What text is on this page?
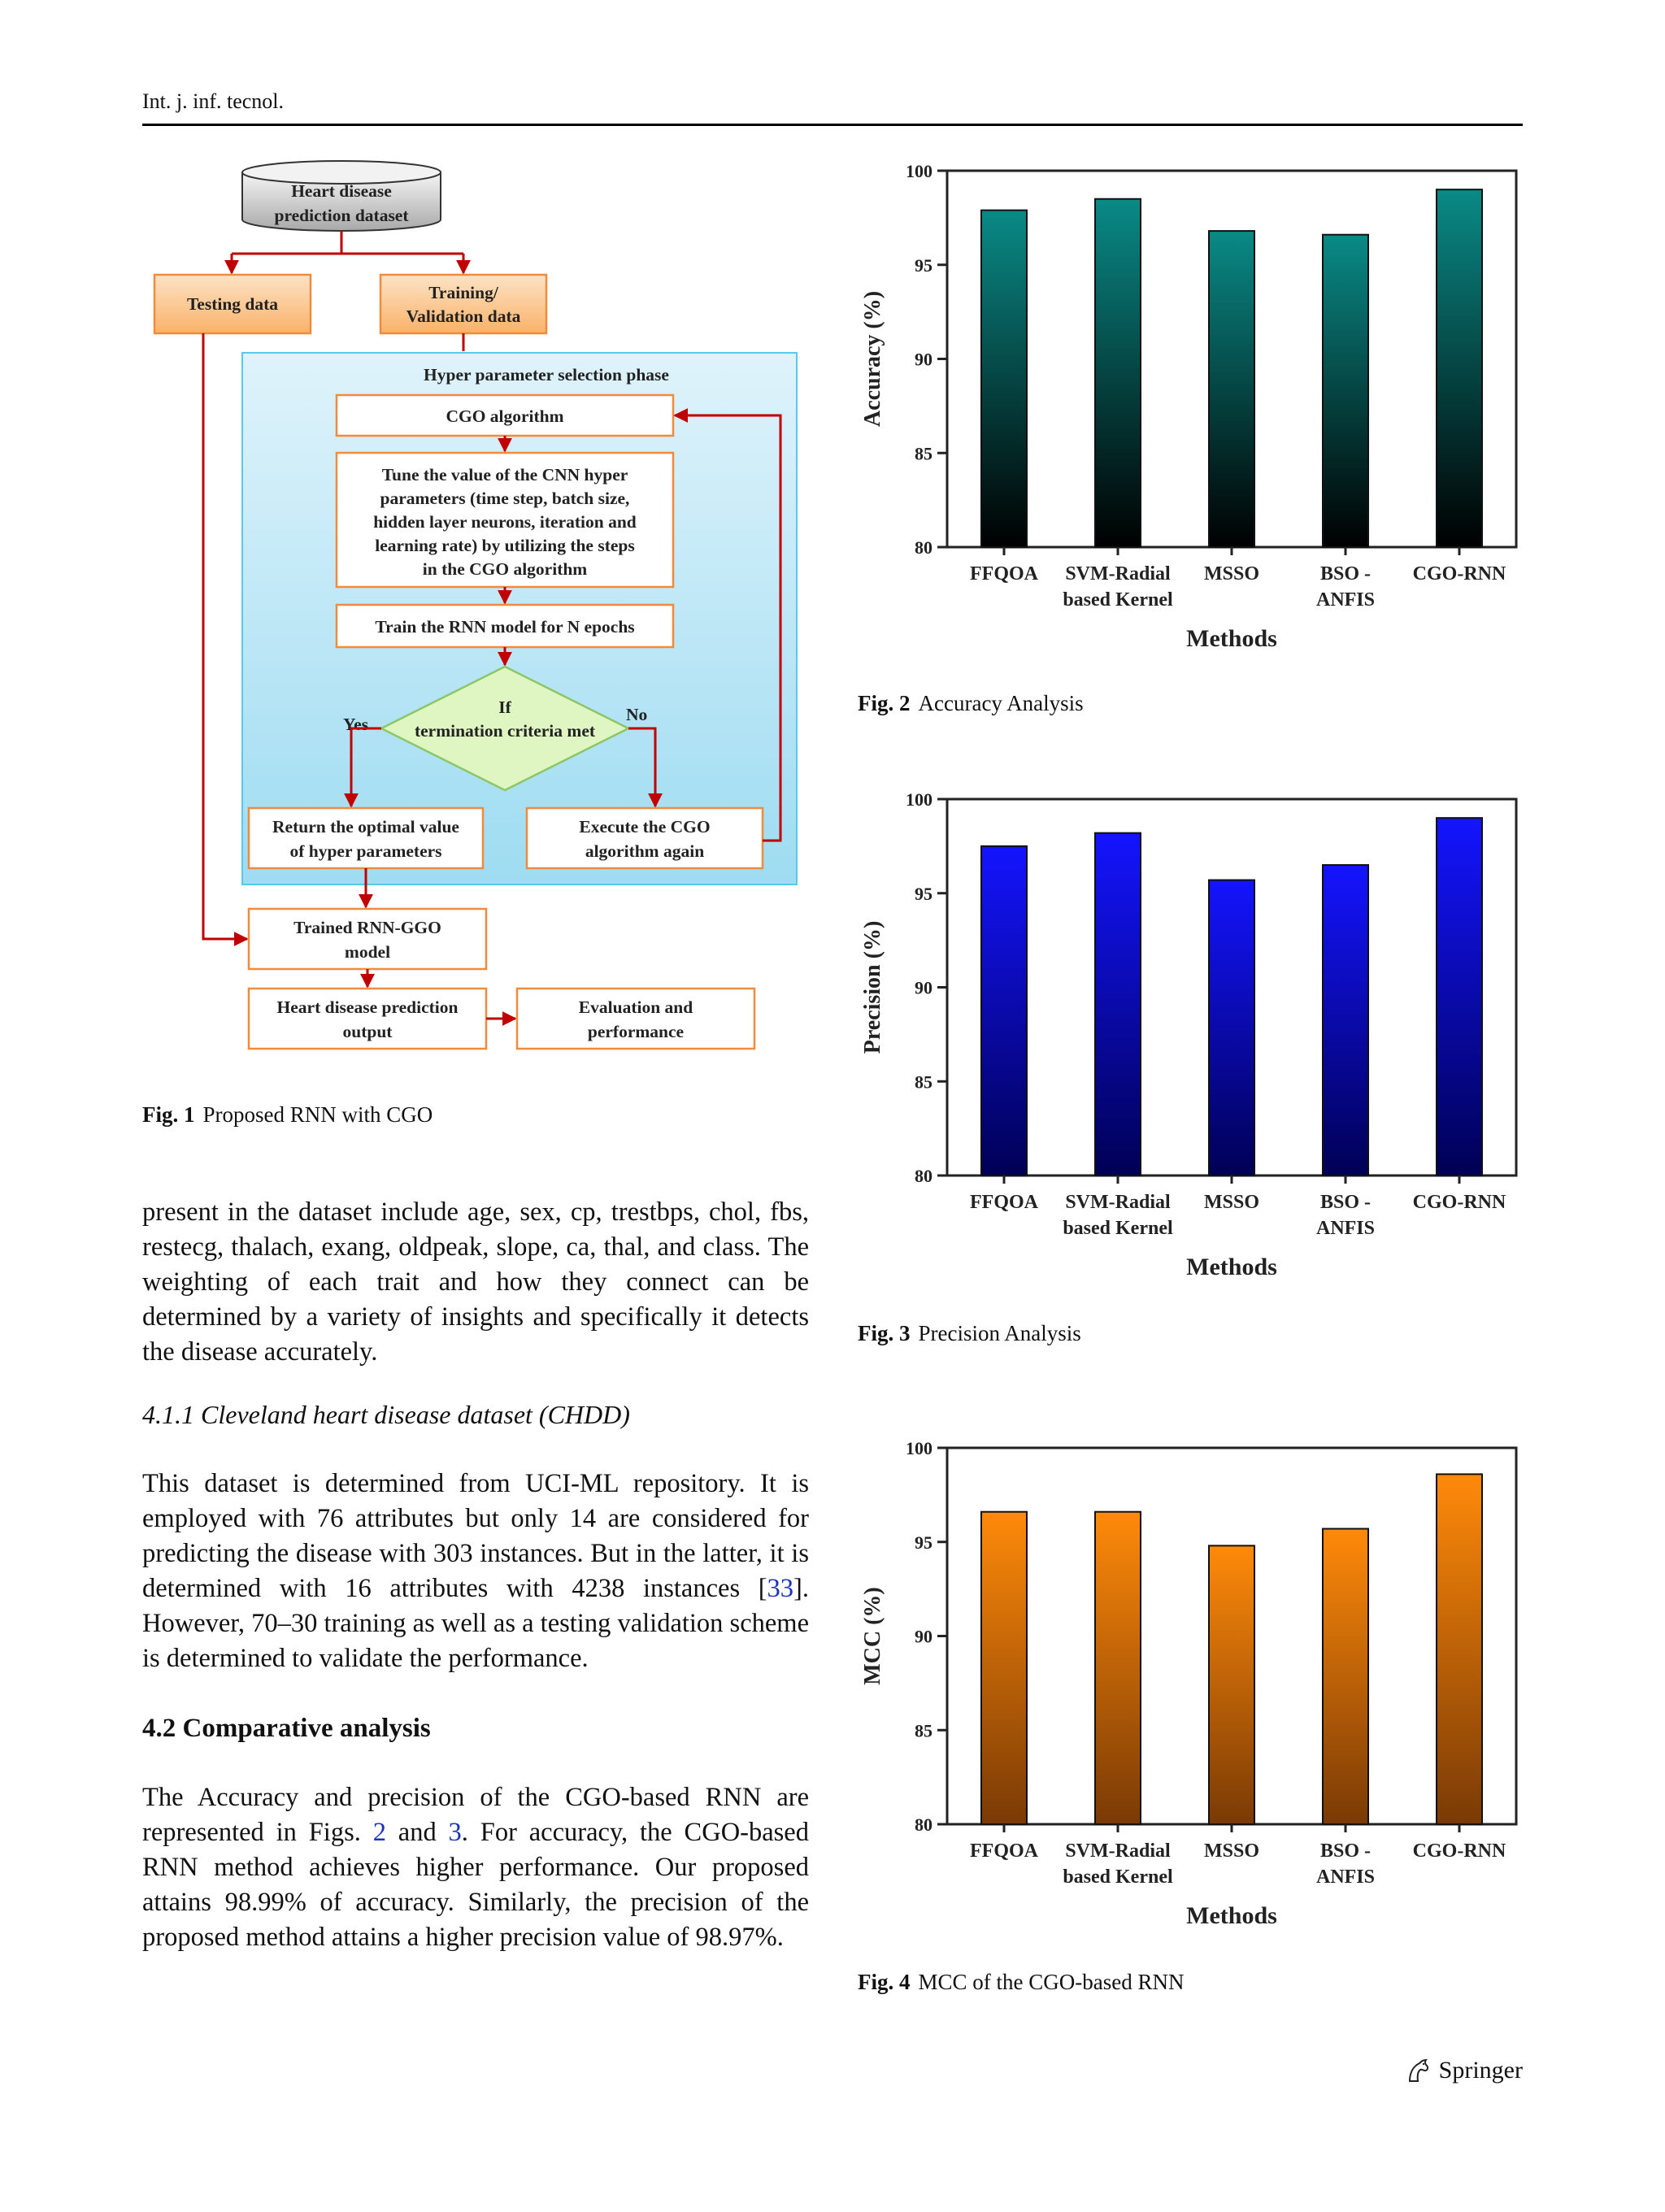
Int. j. inf. tecnol.
Heart disease
prediction dataset
Testing data
Training/
Validation data
Hyper parameter selection phase
CGO algorithm
Tune the value of the CNN hyper
parameters (time step, batch size,
hidden layer neurons, iteration and
learning rate) by utilizing the steps
in the CGO algorithm
Train the RNN model for N epochs
If
termination criteria met
Yes	No
Return the optimal value
of hyper parameters
Execute the CGO
algorithm again
Trained RNN-GGO
model
Heart disease prediction
output
Evaluation and
performance
Fig. 1 Proposed RNN with CGO
present in the dataset include age, sex, cp, trestbps, chol, fbs, restecg, thalach, exang, oldpeak, slope, ca, thal, and class. The weighting of each trait and how they connect can be determined by a variety of insights and specifically it detects the disease accurately.
4.1.1 Cleveland heart disease dataset (CHDD)
This dataset is determined from UCI-ML repository. It is employed with 76 attributes but only 14 are considered for predicting the disease with 303 instances. But in the latter, it is determined with 16 attributes with 4238 instances [33]. However, 70–30 training as well as a testing validation scheme is determined to validate the performance.
4.2 Comparative analysis
The Accuracy and precision of the CGO-based RNN are represented in Figs. 2 and 3. For accuracy, the CGO-based RNN method achieves higher performance. Our proposed attains 98.99% of accuracy. Similarly, the precision of the proposed method attains a higher precision value of 98.97%.
80
85
90
95
100
FFQOA SVM-Radial
based Kernel
MSSO	BSO -
ANFIS
CGO-RNN
Methods
Accuracy (%)
Fig. 2 Accuracy Analysis
80
85
90
95
100
FFQOA SVM-Radial
based Kernel
MSSO	BSO -
ANFIS
CGO-RNN
Methods
Precision (%)
Fig. 3 Precision Analysis
80
85
90
95
100
FFQOA SVM-Radial
based Kernel
MSSO	BSO -
ANFIS
CGO-RNN
Methods
MCC (%)
Fig. 4 MCC of the CGO-based RNN
Springer
